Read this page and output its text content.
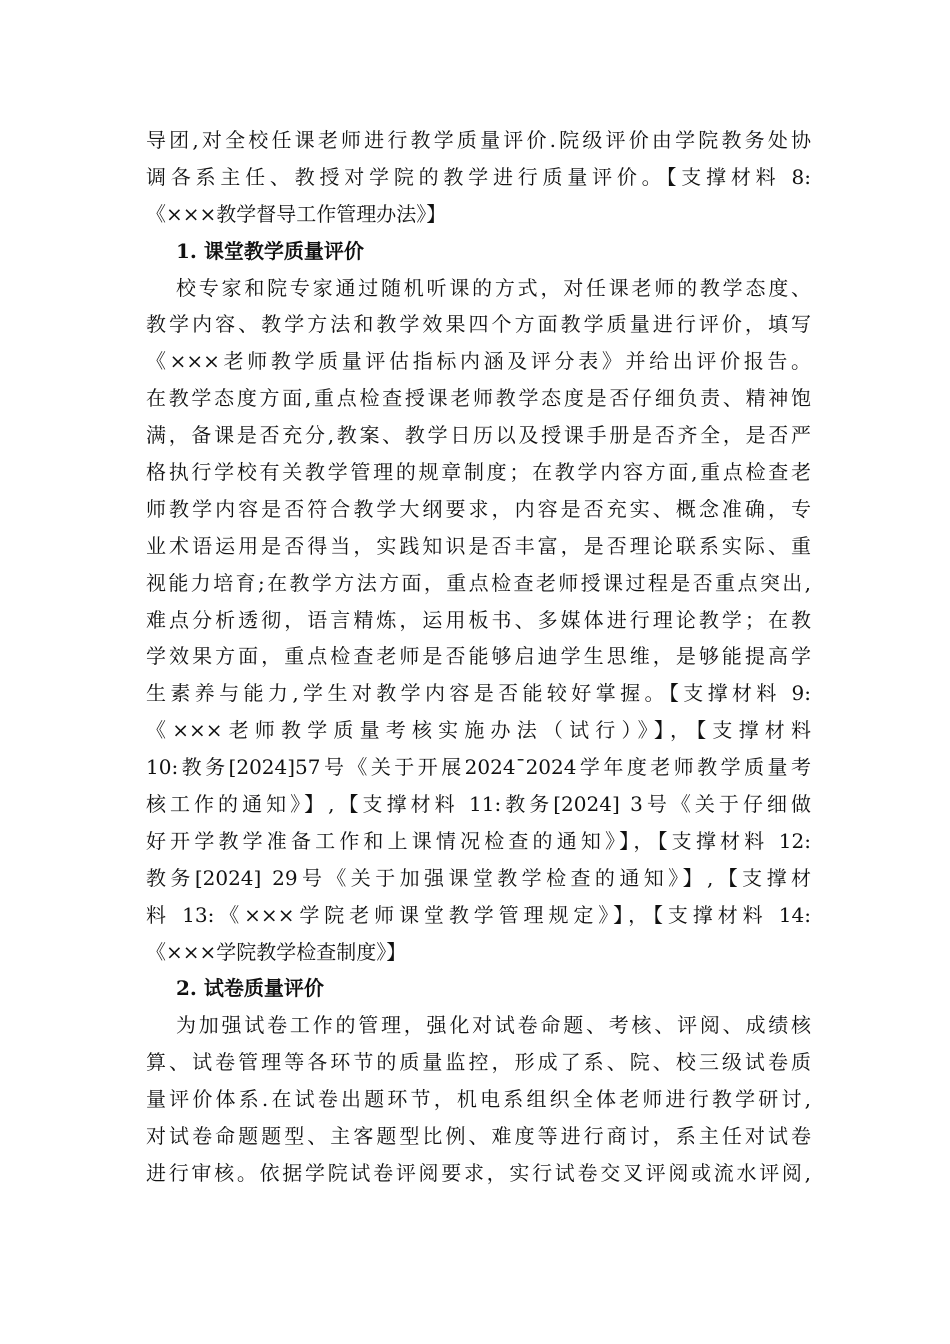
导团,对全校任课老师进行教学质量评价.院级评价由学院教务处协
调各系主任、教授对学院的教学进行质量评价。【支撑材料 8:
《×××教学督导工作管理办法》】
1. 课堂教学质量评价
校专家和院专家通过随机听课的方式，对任课老师的教学态度、
教学内容、教学方法和教学效果四个方面教学质量进行评价，填写
《×××老师教学质量评估指标内涵及评分表》并给出评价报告。
在教学态度方面,重点检查授课老师教学态度是否仔细负责、精神饱
满，备课是否充分,教案、教学日历以及授课手册是否齐全，是否严
格执行学校有关教学管理的规章制度；在教学内容方面,重点检查老
师教学内容是否符合教学大纲要求，内容是否充实、概念准确，专
业术语运用是否得当，实践知识是否丰富，是否理论联系实际、重
视能力培育;在教学方法方面，重点检查老师授课过程是否重点突出,
难点分析透彻，语言精炼，运用板书、多媒体进行理论教学；在教
学效果方面，重点检查老师是否能够启迪学生思维，是够能提高学
生素养与能力,学生对教学内容是否能较好掌握。【支撑材料 9:
《×××老师教学质量考核实施办法（试行）》】，【支撑材料
10:教务[2024]57号《关于开展2024¯2024学年度老师教学质量考
核工作的通知》】,【支撑材料 11:教务[2024] 3号《关于仔细做
好开学教学准备工作和上课情况检查的通知》】，【支撑材料 12:
教务[2024] 29号《关于加强课堂教学检查的通知》】,【支撑材
料 13:《×××学院老师课堂教学管理规定》】，【支撑材料 14:
《×××学院教学检查制度》】
2. 试卷质量评价
为加强试卷工作的管理，强化对试卷命题、考核、评阅、成绩核
算、试卷管理等各环节的质量监控，形成了系、院、校三级试卷质
量评价体系.在试卷出题环节，机电系组织全体老师进行教学研讨,
对试卷命题题型、主客题型比例、难度等进行商讨，系主任对试卷
进行审核。依据学院试卷评阅要求，实行试卷交叉评阅或流水评阅,
